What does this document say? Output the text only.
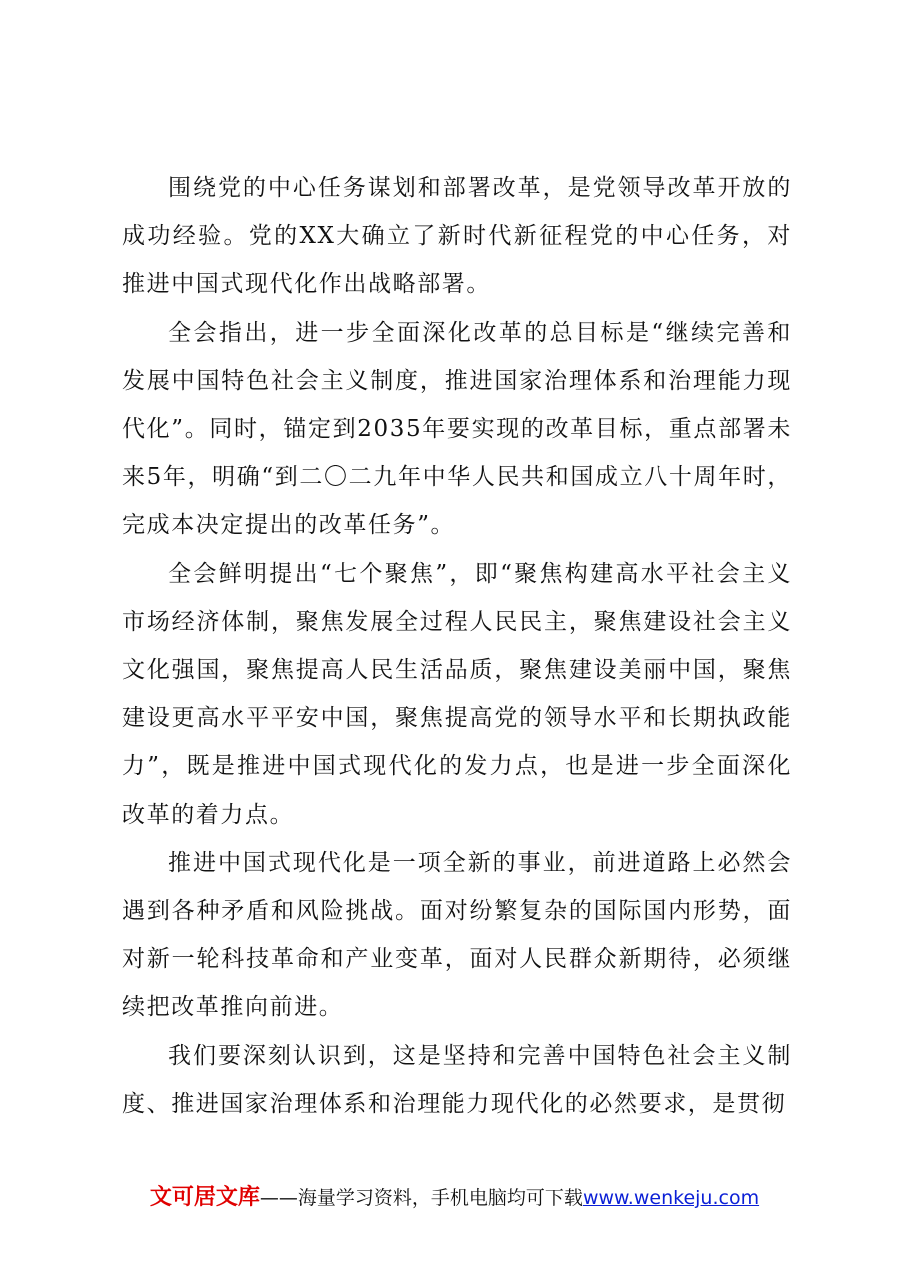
围绕党的中心任务谋划和部署改革，是党领导改革开放的成功经验。党的XX大确立了新时代新征程党的中心任务，对推进中国式现代化作出战略部署。

全会指出，进一步全面深化改革的总目标是“继续完善和发展中国特色社会主义制度，推进国家治理体系和治理能力现代化”。同时，锚定到2035年要实现的改革目标，重点部署未来5年，明确“到二〇二九年中华人民共和国成立八十周年时，完成本决定提出的改革任务”。

全会鲜明提出“七个聚焦”，即“聚焦构建高水平社会主义市场经济体制，聚焦发展全过程人民民主，聚焦建设社会主义文化强国，聚焦提高人民生活品质，聚焦建设美丽中国，聚焦建设更高水平平安中国，聚焦提高党的领导水平和长期执政能力”，既是推进中国式现代化的发力点，也是进一步全面深化改革的着力点。

推进中国式现代化是一项全新的事业，前进道路上必然会遇到各种矛盾和风险挑战。面对纷繁复杂的国际国内形势，面对新一轮科技革命和产业变革，面对人民群众新期待，必须继续把改革推向前进。

我们要深刻认识到，这是坚持和完善中国特色社会主义制度、推进国家治理体系和治理能力现代化的必然要求，是贯彻

文可居文库——海量学习资料，手机电脑均可下载www.wenkeju.com
